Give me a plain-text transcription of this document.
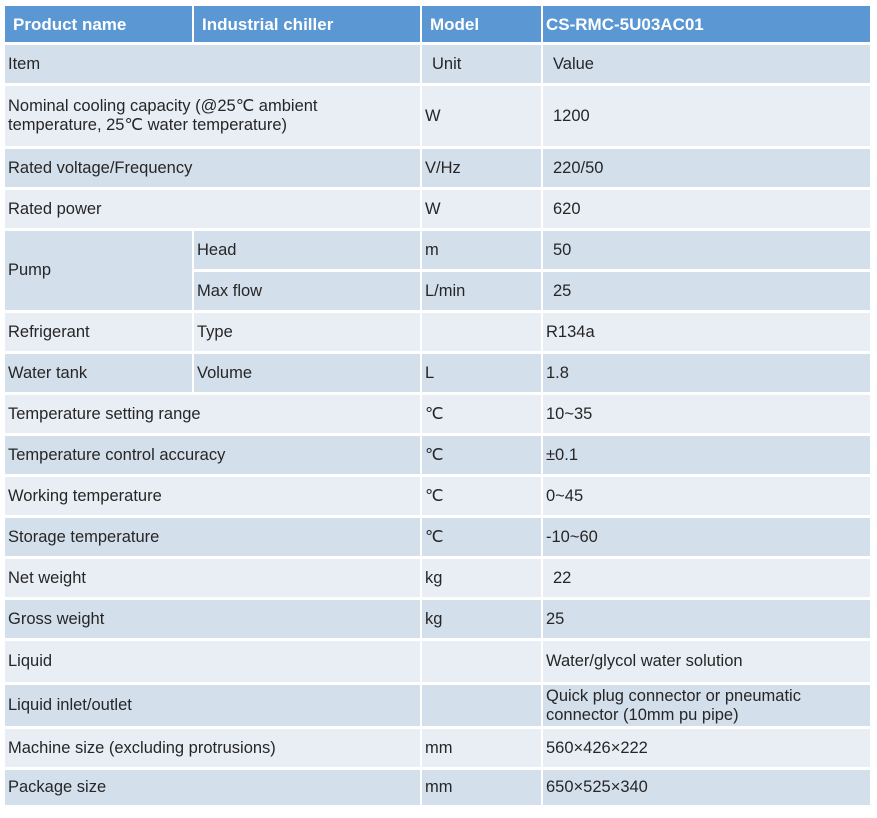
Product name	Industrial chiller	Model	CS-RMC-5U03AC01
Item		Unit	Value
Nominal cooling capacity (@25℃ ambient temperature, 25℃ water temperature)		W	1200
Rated voltage/Frequency		V/Hz	220/50
Rated power		W	620
Pump	Head	m	50
	Max flow	L/min	25
Refrigerant	Type		R134a
Water tank	Volume	L	1.8
Temperature setting range		℃	10~35
Temperature control accuracy		℃	±0.1
Working temperature		℃	0~45
Storage temperature		℃	-10~60
Net weight		kg	22
Gross weight		kg	25
Liquid			Water/glycol water solution
Liquid inlet/outlet			Quick plug connector or pneumatic connector (10mm pu pipe)
Machine size (excluding protrusions)		mm	560×426×222
Package size		mm	650×525×340
